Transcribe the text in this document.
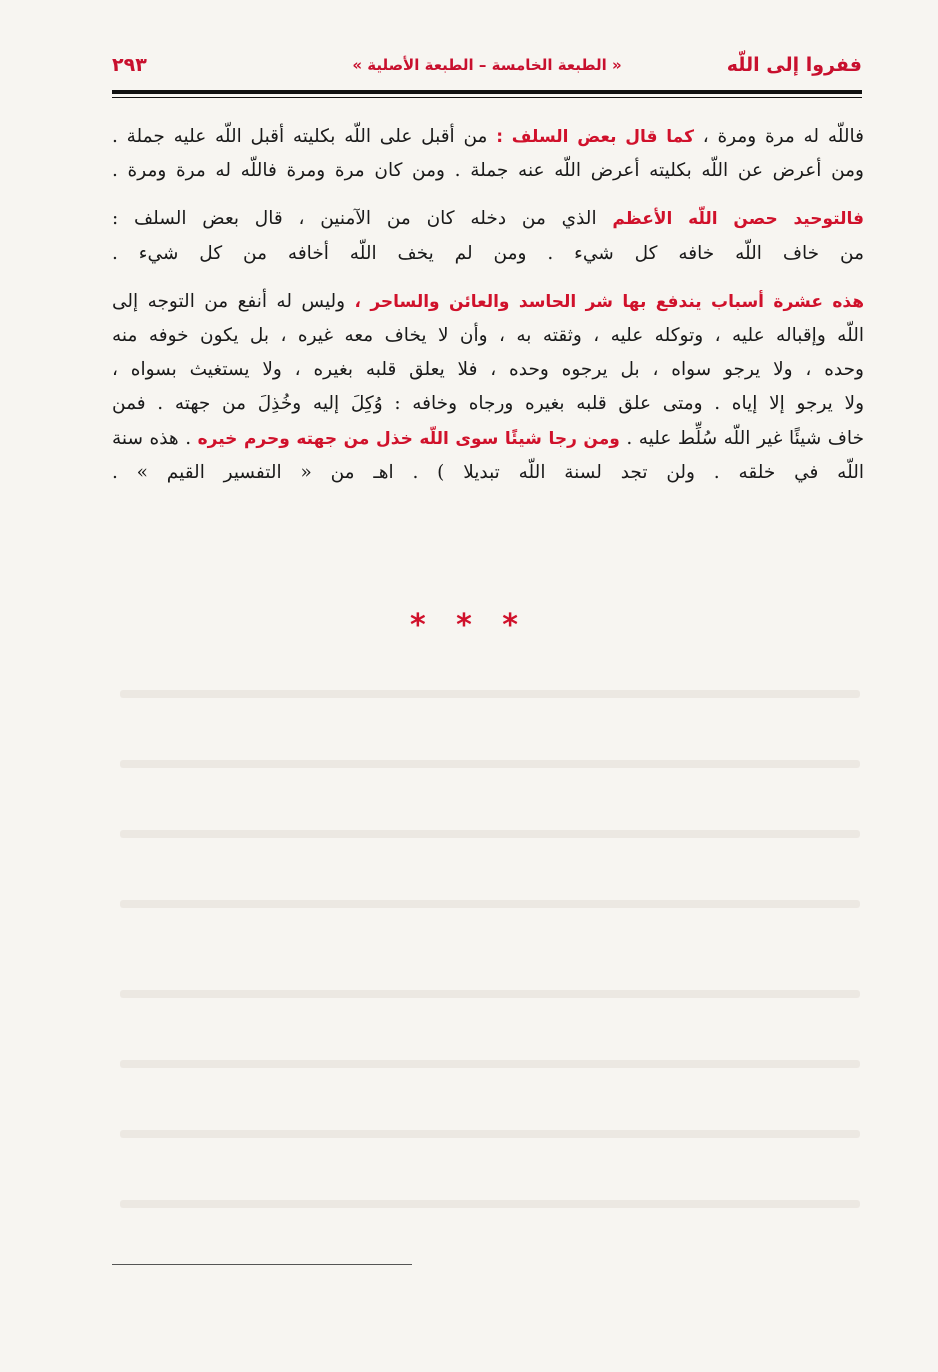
ففروا إلى اللّه
« الطبعة الخامسة – الطبعة الأصلية »
٢٩٣
فاللّه له مرة ومرة ، كما قال بعض السلف : من أقبل على اللّه بكليته أقبل اللّه عليه جملة .
ومن أعرض عن اللّه بكليته أعرض اللّه عنه جملة . ومن كان مرة ومرة فاللّه له مرة ومرة .
فالتوحيد حصن اللّه الأعظم الذي من دخله كان من الآمنين ، قال بعض السلف :
من خاف اللّه خافه كل شيء . ومن لم يخف اللّه أخافه من كل شيء .
هذه عشرة أسباب يندفع بها شر الحاسد والعائن والساحر ، وليس له أنفع من التوجه إلى
اللّه وإقباله عليه ، وتوكله عليه ، وثقته به ، وأن لا يخاف معه غيره ، بل يكون خوفه منه
وحده ، ولا يرجو سواه ، بل يرجوه وحده ، فلا يعلق قلبه بغيره ، ولا يستغيث بسواه ،
ولا يرجو إلا إياه . ومتى علق قلبه بغيره ورجاه وخافه : وُكِلَ إليه وخُذِلَ من جهته . فمن
خاف شيئًا غير اللّه سُلِّط عليه . ومن رجا شيئًا سوى اللّه خذل من جهته وحرم خيره . هذه سنة
اللّه في خلقه . ولن تجد لسنة اللّه تبديلا ) . اهـ من « التفسير القيم » .
* * *
